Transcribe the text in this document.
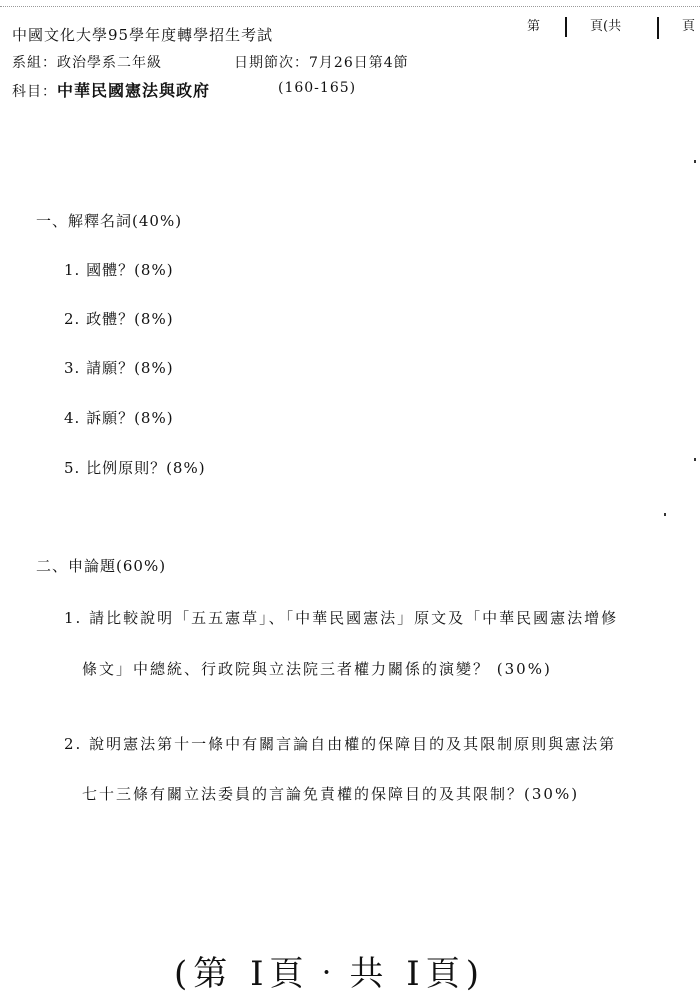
中國文化大學95學年度轉學招生考試
系組：政治學系二年級	日期節次：7月26日第4節
科目：中華民國憲法與政府	(160-165)
第	頁(共	頁
一、解釋名詞(40%)
1. 國體？(8%)
2. 政體？(8%)
3. 請願？(8%)
4. 訴願？(8%)
5. 比例原則？(8%)
二、申論題(60%)
1. 請比較說明「五五憲草」、「中華民國憲法」原文及「中華民國憲法增修
條文」中總統、行政院與立法院三者權力關係的演變？ (30%)
2. 說明憲法第十一條中有關言論自由權的保障目的及其限制原則與憲法第
七十三條有關立法委員的言論免責權的保障目的及其限制？(30%)
(第 Ⅰ頁‧共 Ⅰ頁)
